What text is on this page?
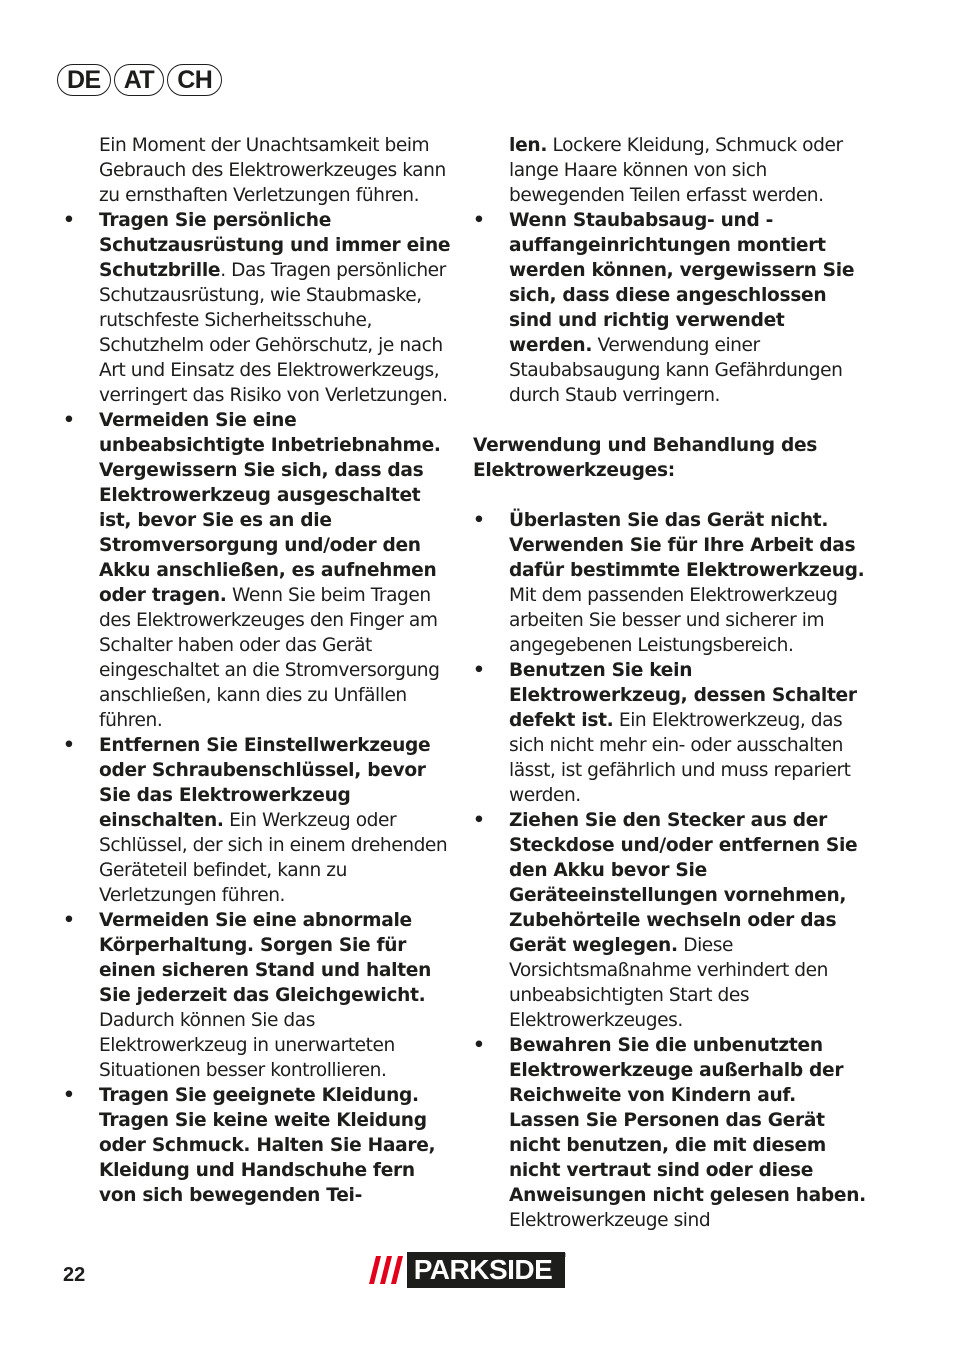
DE AT CH

Ein Moment der Unachtsamkeit beim Gebrauch des Elektrowerkzeuges kann zu ernsthaften Verletzungen führen.

• Tragen Sie persönliche Schutzausrüstung und immer eine Schutzbrille. Das Tragen persönlicher Schutzausrüstung, wie Staubmaske, rutschfeste Sicherheitsschuhe, Schutzhelm oder Gehörschutz, je nach Art und Einsatz des Elektrowerkzeugs, verringert das Risiko von Verletzungen.

• Vermeiden Sie eine unbeabsichtigte Inbetriebnahme. Vergewissern Sie sich, dass das Elektrowerkzeug ausgeschaltet ist, bevor Sie es an die Stromversorgung und/oder den Akku anschließen, es aufnehmen oder tragen. Wenn Sie beim Tragen des Elektrowerkzeuges den Finger am Schalter haben oder das Gerät eingeschaltet an die Stromversorgung anschließen, kann dies zu Unfällen führen.

• Entfernen Sie Einstellwerkzeuge oder Schraubenschlüssel, bevor Sie das Elektrowerkzeug einschalten. Ein Werkzeug oder Schlüssel, der sich in einem drehenden Geräteteil befindet, kann zu Verletzungen führen.

• Vermeiden Sie eine abnormale Körperhaltung. Sorgen Sie für einen sicheren Stand und halten Sie jederzeit das Gleichgewicht. Dadurch können Sie das Elektrowerkzeug in unerwarteten Situationen besser kontrollieren.

• Tragen Sie geeignete Kleidung. Tragen Sie keine weite Kleidung oder Schmuck. Halten Sie Haare, Kleidung und Handschuhe fern von sich bewegenden Tei-

len. Lockere Kleidung, Schmuck oder lange Haare können von sich bewegenden Teilen erfasst werden.

• Wenn Staubabsaug- und -auffangeinrichtungen montiert werden können, vergewissern Sie sich, dass diese angeschlossen sind und richtig verwendet werden. Verwendung einer Staubabsaugung kann Gefährdungen durch Staub verringern.

Verwendung und Behandlung des Elektrowerkzeuges:

• Überlasten Sie das Gerät nicht. Verwenden Sie für Ihre Arbeit das dafür bestimmte Elektrowerkzeug. Mit dem passenden Elektrowerkzeug arbeiten Sie besser und sicherer im angegebenen Leistungsbereich.

• Benutzen Sie kein Elektrowerkzeug, dessen Schalter defekt ist. Ein Elektrowerkzeug, das sich nicht mehr ein- oder ausschalten lässt, ist gefährlich und muss repariert werden.

• Ziehen Sie den Stecker aus der Steckdose und/oder entfernen Sie den Akku bevor Sie Geräteeinstellungen vornehmen, Zubehörteile wechseln oder das Gerät weglegen. Diese Vorsichtsmaßnahme verhindert den unbeabsichtigten Start des Elektrowerkzeuges.

• Bewahren Sie die unbenutzten Elektrowerkzeuge außerhalb der Reichweite von Kindern auf. Lassen Sie Personen das Gerät nicht benutzen, die mit diesem nicht vertraut sind oder diese Anweisungen nicht gelesen haben. Elektrowerkzeuge sind

22	PARKSIDE ®
